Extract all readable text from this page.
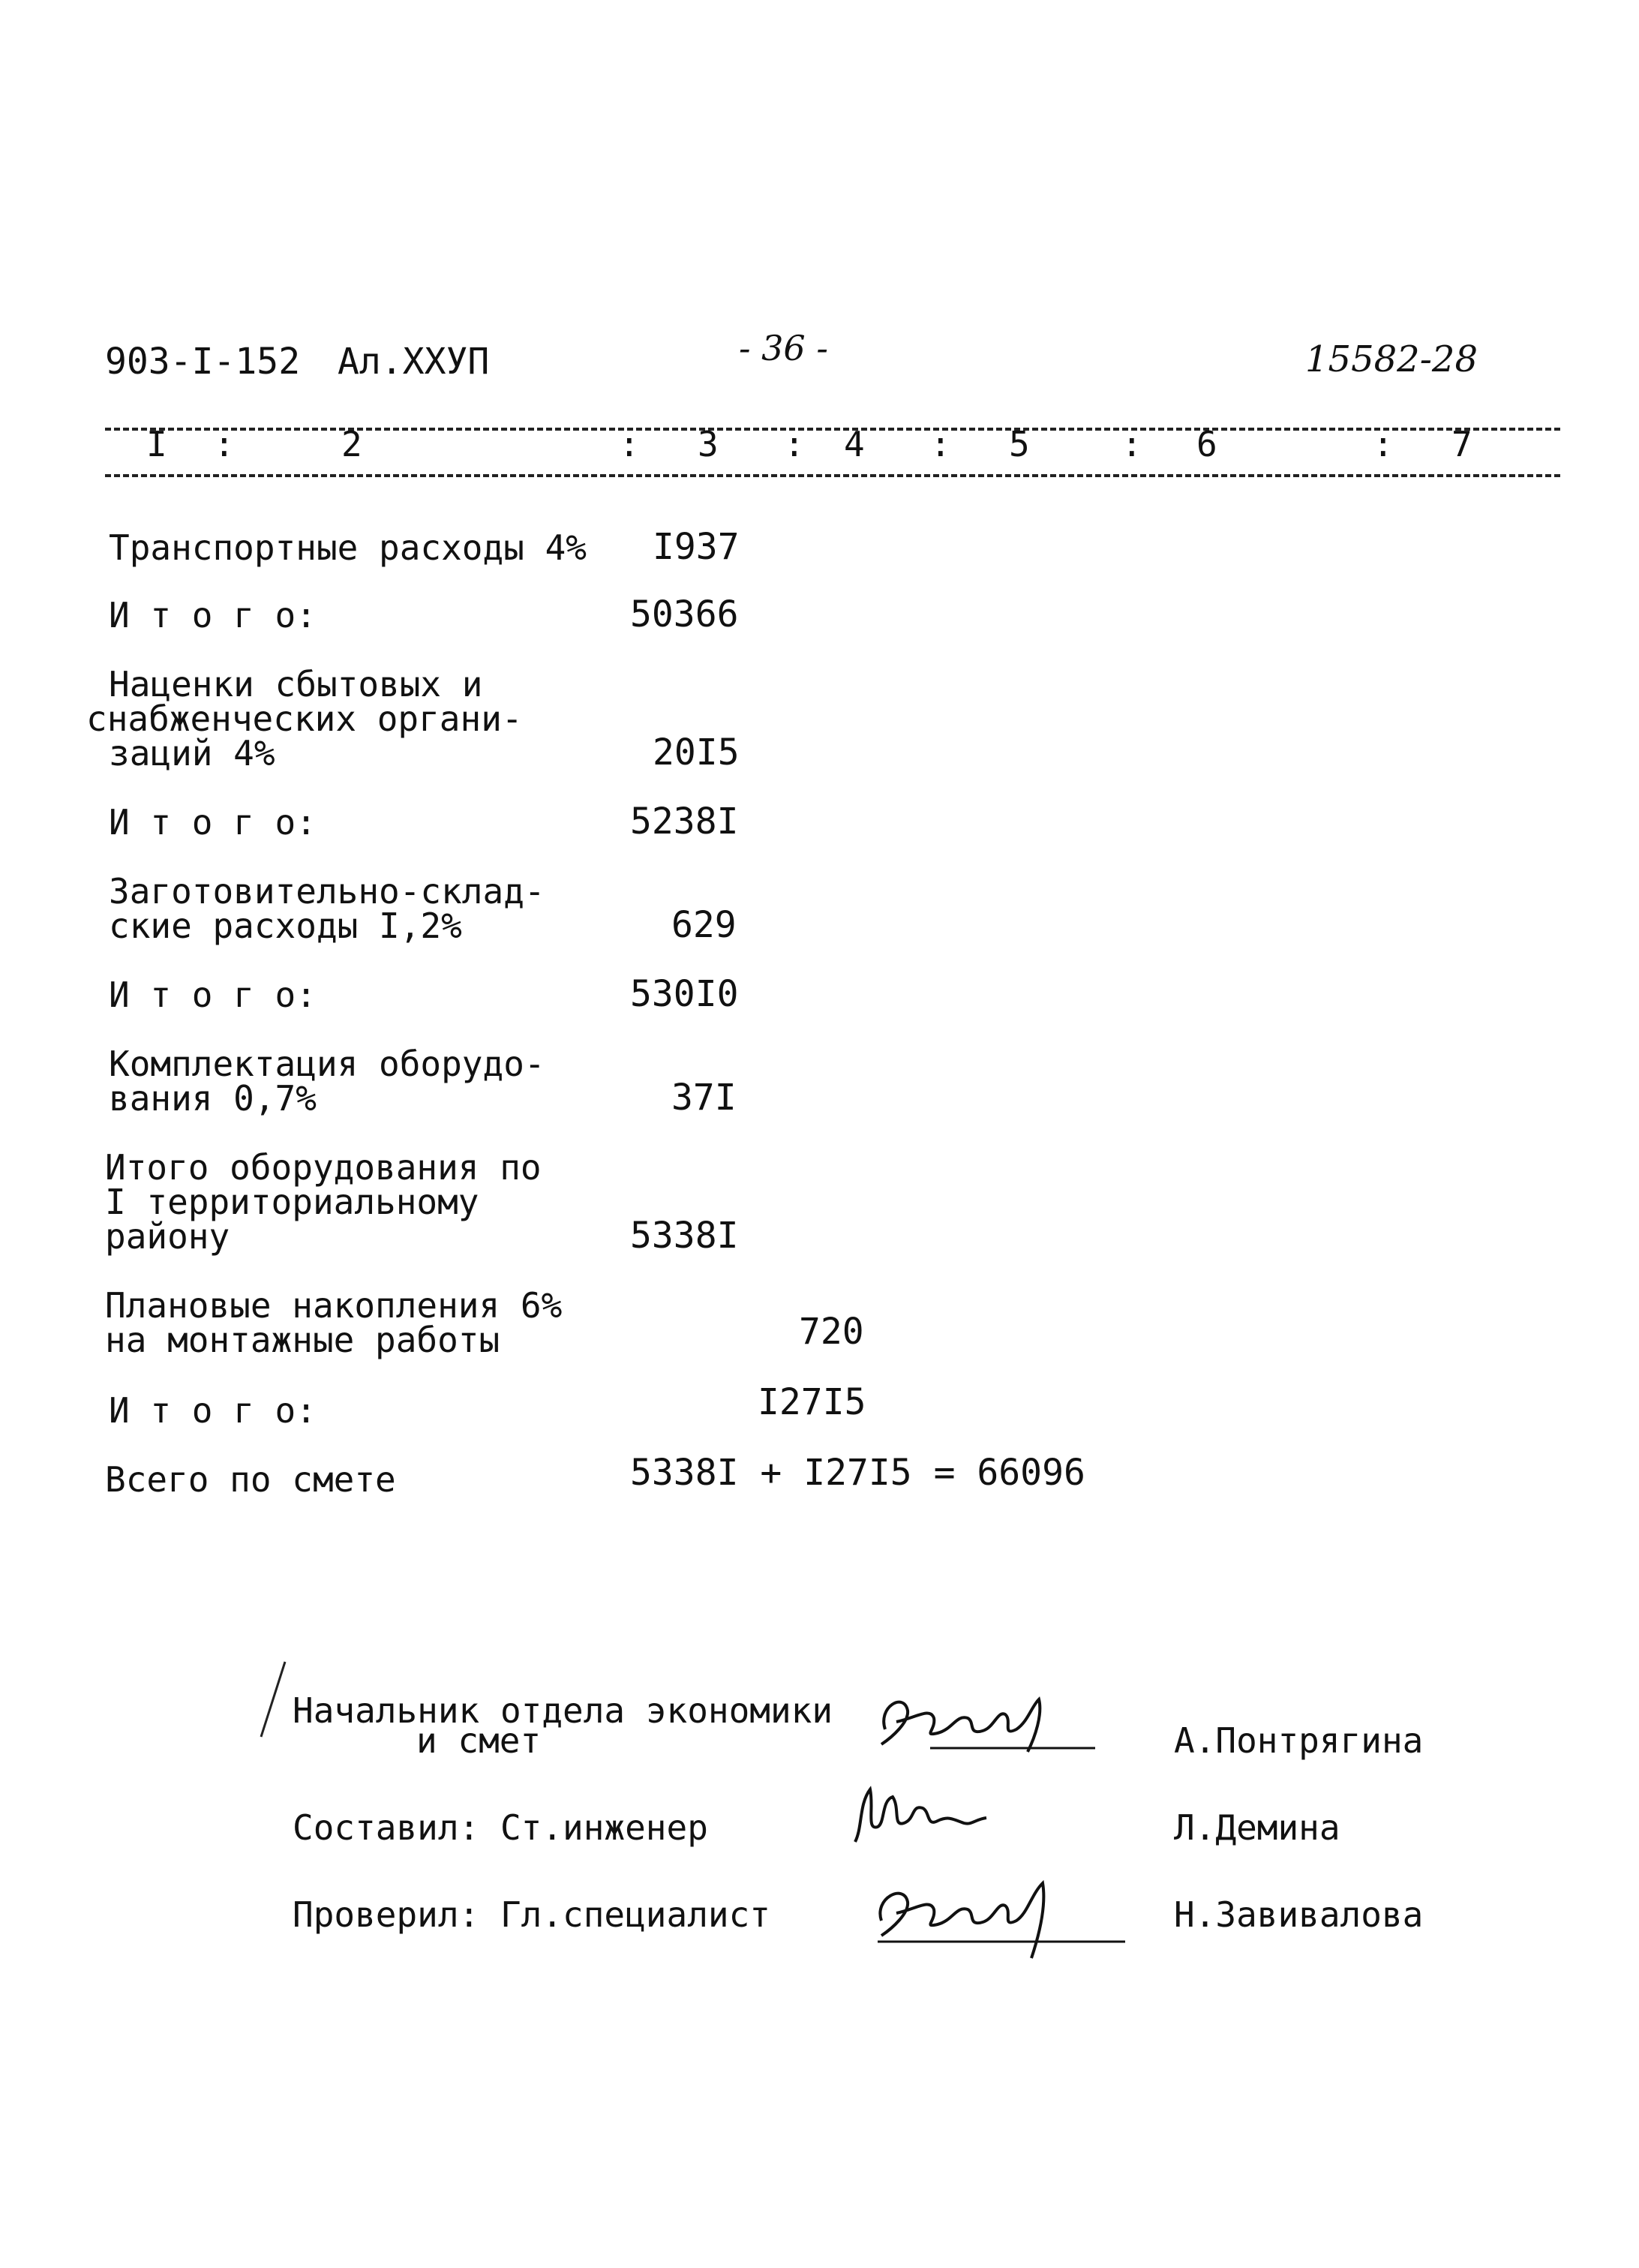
903-I-152 Ал.XXУП	- 36 -	15582-28
I :	2	: 3 : 4 : 5	: 6	: 7
Транспортные расходы 4% I937
И т о г о:	50366
Наценки сбытовых и
снабженческих органи-
заций 4%	20I5
И т о г о:	5238I
Заготовительно-склад-
ские расходы I,2%	629
И т о г о:	530I0
Комплектация оборудо-
вания 0,7%	37I
Итого оборудования по
I территориальному
району	5338I
Плановые накопления 6%
на монтажные работы	720
И т о г о:	I27I5
Всего по смете	5338I + I27I5 = 66096
Начальник отдела экономики
и смет	А.Понтрягина
Составил: Ст.инженер	Л.Демина
Проверил: Гл.специалист	Н.Завивалова
